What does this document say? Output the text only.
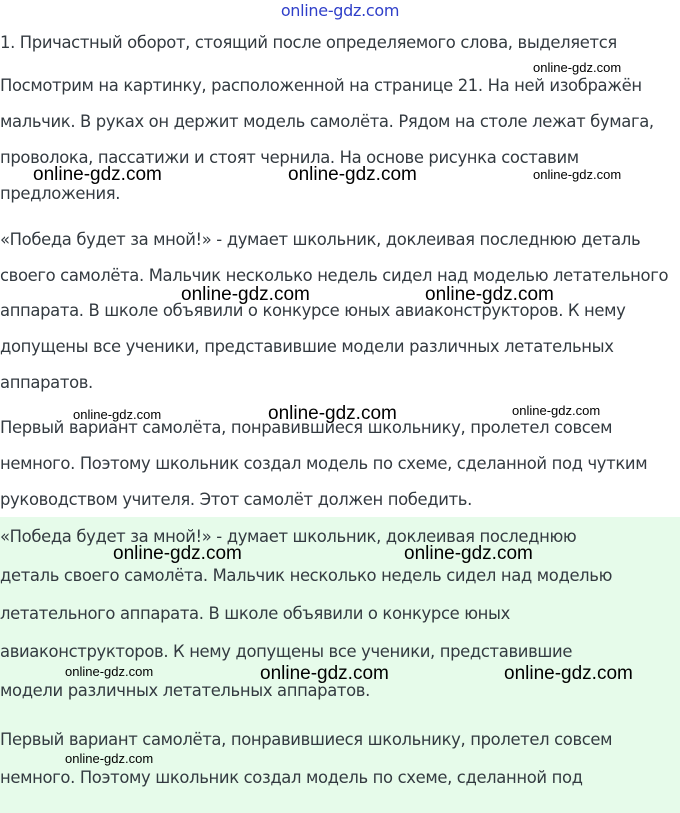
online-gdz.com
1. Причастный оборот, стоящий после определяемого слова, выделяется
Посмотрим на картинку, расположенной на странице 21. На ней изображён
мальчик. В руках он держит модель самолёта. Рядом на столе лежат бумага,
проволока, пассатижи и стоят чернила. На основе рисунка составим
предложения.
«Победа будет за мной!» - думает школьник, доклеивая последнюю деталь
своего самолёта. Мальчик несколько недель сидел над моделью летательного
аппарата. В школе объявили о конкурсе юных авиаконструкторов. К нему
допущены все ученики, представившие модели различных летательных
аппаратов.
Первый вариант самолёта, понравившиеся школьнику, пролетел совсем
немного. Поэтому школьник создал модель по схеме, сделанной под чутким
руководством учителя. Этот самолёт должен победить.
«Победа будет за мной!» - думает школьник, доклеивая последнюю
деталь своего самолёта. Мальчик несколько недель сидел над моделью
летательного аппарата. В школе объявили о конкурсе юных
авиаконструкторов. К нему допущены все ученики, представившие
модели различных летательных аппаратов.
Первый вариант самолёта, понравившиеся школьнику, пролетел совсем
немного. Поэтому школьник создал модель по схеме, сделанной под
online-gdz.com
online-gdz.com	online-gdz.com	online-gdz.com
online-gdz.com	online-gdz.com
online-gdz.com	online-gdz.com	online-gdz.com
online-gdz.com	online-gdz.com
online-gdz.com	online-gdz.com	online-gdz.com
online-gdz.com
